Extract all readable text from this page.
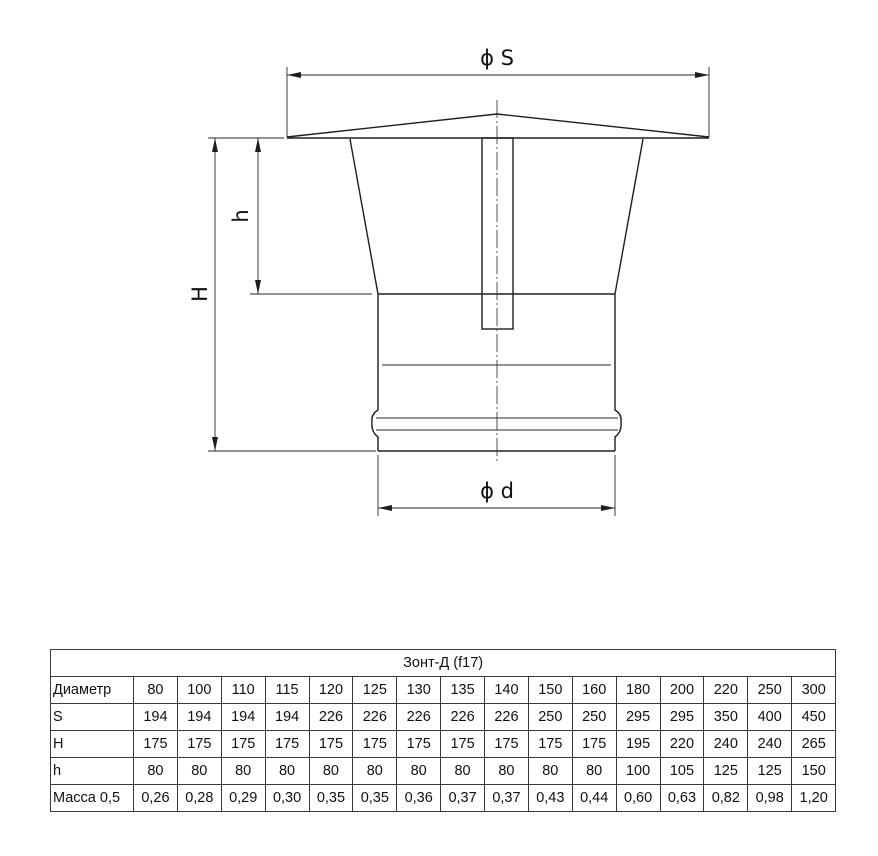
ϕ S
H
h
ϕ d
Зонт-Д (f17)																
Диаметр	80	100	110	115	120	125	130	135	140	150	160	180	200	220	250	300
S	194	194	194	194	226	226	226	226	226	250	250	295	295	350	400	450
H	175	175	175	175	175	175	175	175	175	175	175	195	220	240	240	265
h	80	80	80	80	80	80	80	80	80	80	80	100	105	125	125	150
Масса 0,5	0,26	0,28	0,29	0,30	0,35	0,35	0,36	0,37	0,37	0,43	0,44	0,60	0,63	0,82	0,98	1,20
